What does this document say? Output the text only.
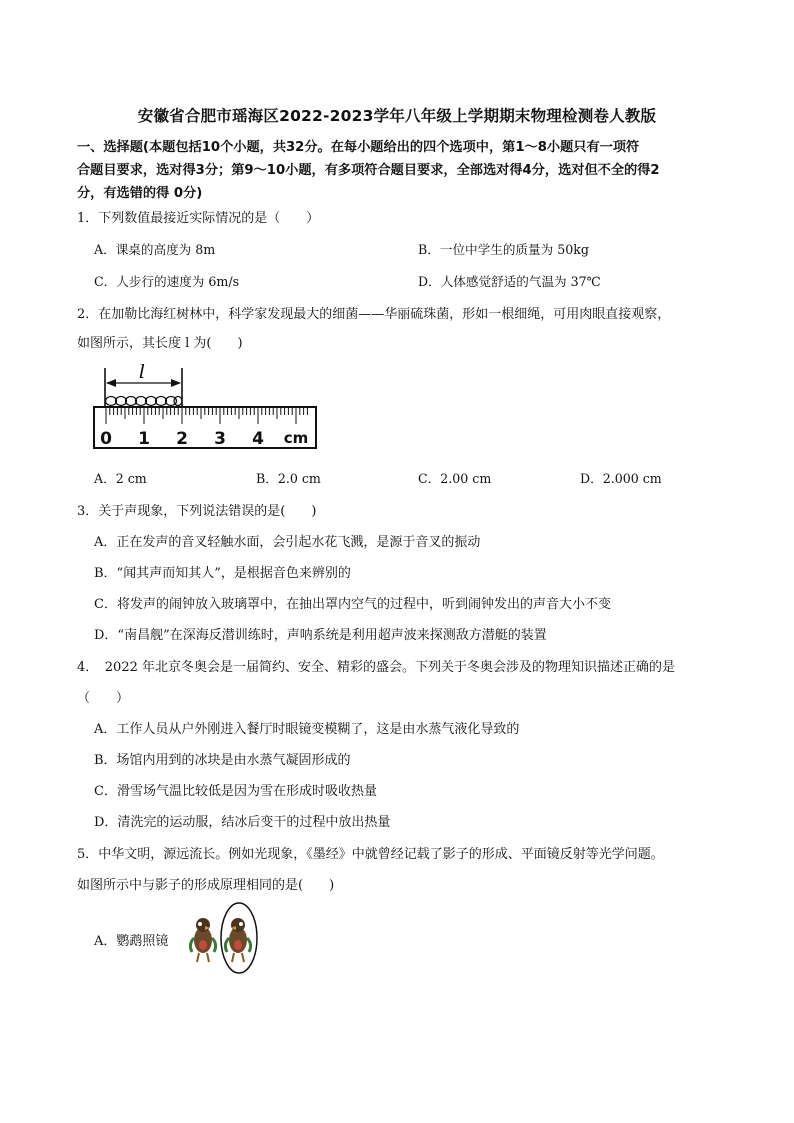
安徽省合肥市瑶海区2022-2023学年八年级上学期期末物理检测卷人教版
一、选择题(本题包括10个小题，共32分。在每小题给出的四个选项中，第1～8小题只有一项符
合题目要求，选对得3分；第9～10小题，有多项符合题目要求，全部选对得4分，选对但不全的得2
分，有选错的得 0分)
1．下列数值最接近实际情况的是（　　）
A．课桌的高度为 8m	B．一位中学生的质量为 50kg
C．人步行的速度为 6m/s	D．人体感觉舒适的气温为 37℃
2．在加勒比海红树林中，科学家发现最大的细菌——华丽硫珠菌，形如一根细绳，可用肉眼直接观察，
如图所示，其长度 l 为(　　)
l
0 1 2 3 4 cm
A．2 cm	B．2.0 cm	C．2.00 cm	D．2.000 cm
3．关于声现象，下列说法错误的是(　　)
A．正在发声的音叉轻触水面，会引起水花飞溅，是源于音叉的振动
B．“闻其声而知其人”，是根据音色来辨别的
C．将发声的闹钟放入玻璃罩中，在抽出罩内空气的过程中，听到闹钟发出的声音大小不变
D．“南昌舰”在深海反潜训练时，声呐系统是利用超声波来探测敌方潜艇的装置
4．　2022 年北京冬奥会是一届简约、安全、精彩的盛会。下列关于冬奥会涉及的物理知识描述正确的是
（　　）
A．工作人员从户外刚进入餐厅时眼镜变模糊了，这是由水蒸气液化导致的
B．场馆内用到的冰块是由水蒸气凝固形成的
C．滑雪场气温比较低是因为雪在形成时吸收热量
D．清洗完的运动服，结冰后变干的过程中放出热量
5．中华文明，源远流长。例如光现象，《墨经》中就曾经记载了影子的形成、平面镜反射等光学问题。
如图所示中与影子的形成原理相同的是(　　)
A．鹦鹉照镜
